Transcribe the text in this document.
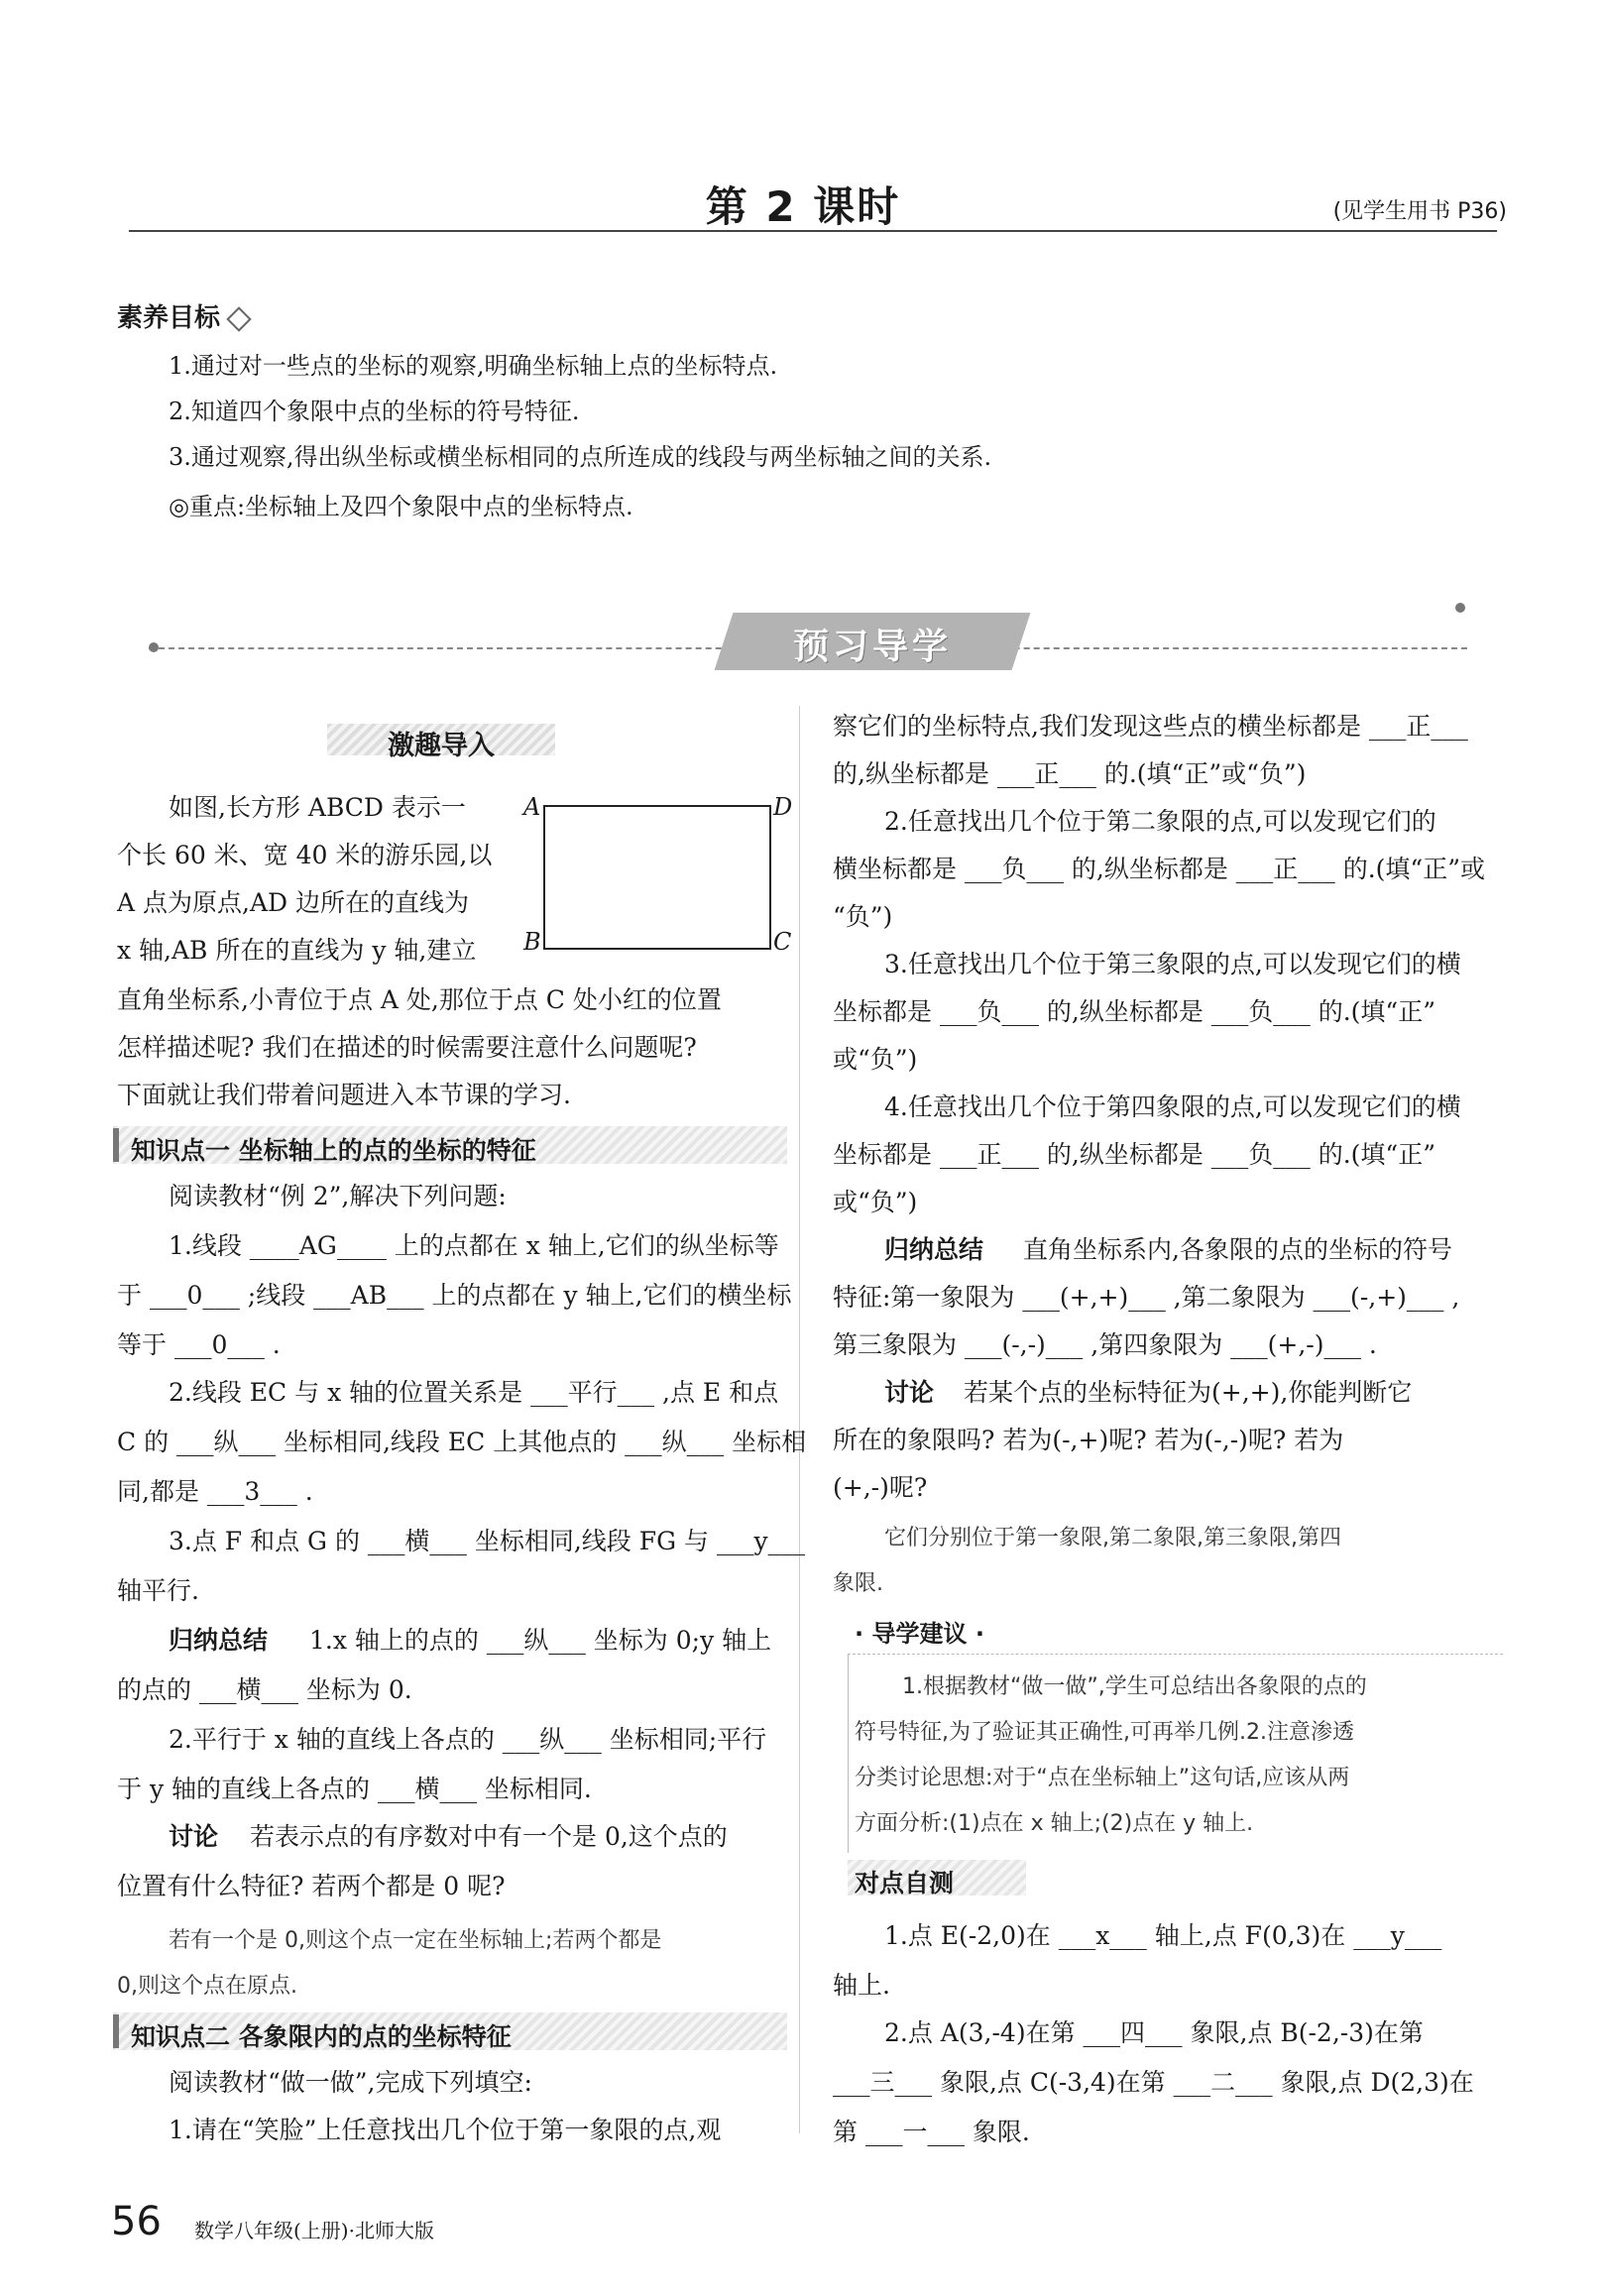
第 2 课时	(见学生用书 P36)
素养目标
1.通过对一些点的坐标的观察,明确坐标轴上点的坐标特点.
2.知道四个象限中点的坐标的符号特征.
3.通过观察,得出纵坐标或横坐标相同的点所连成的线段与两坐标轴之间的关系.
◎重点:坐标轴上及四个象限中点的坐标特点.
预习导学
激趣导入
如图,长方形 ABCD 表示一
个长 60 米、宽 40 米的游乐园,以
A 点为原点,AD 边所在的直线为
x 轴,AB 所在的直线为 y 轴,建立
直角坐标系,小青位于点 A 处,那位于点 C 处小红的位置
怎样描述呢? 我们在描述的时候需要注意什么问题呢?
下面就让我们带着问题进入本节课的学习.
A	D
B	C
知识点一 坐标轴上的点的坐标的特征
阅读教材“例 2”,解决下列问题:
1.线段 ____AG____ 上的点都在 x 轴上,它们的纵坐标等
于 ___0___ ;线段 ___AB___ 上的点都在 y 轴上,它们的横坐标
等于 ___0___ .
2.线段 EC 与 x 轴的位置关系是 ___平行___ ,点 E 和点
C 的 ___纵___ 坐标相同,线段 EC 上其他点的 ___纵___ 坐标相
同,都是 ___3___ .
3.点 F 和点 G 的 ___横___ 坐标相同,线段 FG 与 ___y___
轴平行.
归纳总结 1.x 轴上的点的 ___纵___ 坐标为 0;y 轴上
的点的 ___横___ 坐标为 0.
2.平行于 x 轴的直线上各点的 ___纵___ 坐标相同;平行
于 y 轴的直线上各点的 ___横___ 坐标相同.
讨论 若表示点的有序数对中有一个是 0,这个点的
位置有什么特征? 若两个都是 0 呢?
若有一个是 0,则这个点一定在坐标轴上;若两个都是
0,则这个点在原点.
知识点二 各象限内的点的坐标特征
阅读教材“做一做”,完成下列填空:
1.请在“笑脸”上任意找出几个位于第一象限的点,观
察它们的坐标特点,我们发现这些点的横坐标都是 ___正___
的,纵坐标都是 ___正___ 的.(填“正”或“负”)
2.任意找出几个位于第二象限的点,可以发现它们的
横坐标都是 ___负___ 的,纵坐标都是 ___正___ 的.(填“正”或
“负”)
3.任意找出几个位于第三象限的点,可以发现它们的横
坐标都是 ___负___ 的,纵坐标都是 ___负___ 的.(填“正”
或“负”)
4.任意找出几个位于第四象限的点,可以发现它们的横
坐标都是 ___正___ 的,纵坐标都是 ___负___ 的.(填“正”
或“负”)
归纳总结 直角坐标系内,各象限的点的坐标的符号
特征:第一象限为 ___(+,+)___ ,第二象限为 ___(-,+)___ ,
第三象限为 ___(-,-)___ ,第四象限为 ___(+,-)___ .
讨论 若某个点的坐标特征为(+,+),你能判断它
所在的象限吗? 若为(-,+)呢? 若为(-,-)呢? 若为
(+,-)呢?
它们分别位于第一象限,第二象限,第三象限,第四
象限.
· 导学建议 ·
1.根据教材“做一做”,学生可总结出各象限的点的
符号特征,为了验证其正确性,可再举几例.2.注意渗透
分类讨论思想:对于“点在坐标轴上”这句话,应该从两
方面分析:(1)点在 x 轴上;(2)点在 y 轴上.
对点自测
1.点 E(-2,0)在 ___x___ 轴上,点 F(0,3)在 ___y___
轴上.
2.点 A(3,-4)在第 ___四___ 象限,点 B(-2,-3)在第
___三___ 象限,点 C(-3,4)在第 ___二___ 象限,点 D(2,3)在
第 ___一___ 象限.
56 数学八年级(上册)·北师大版
